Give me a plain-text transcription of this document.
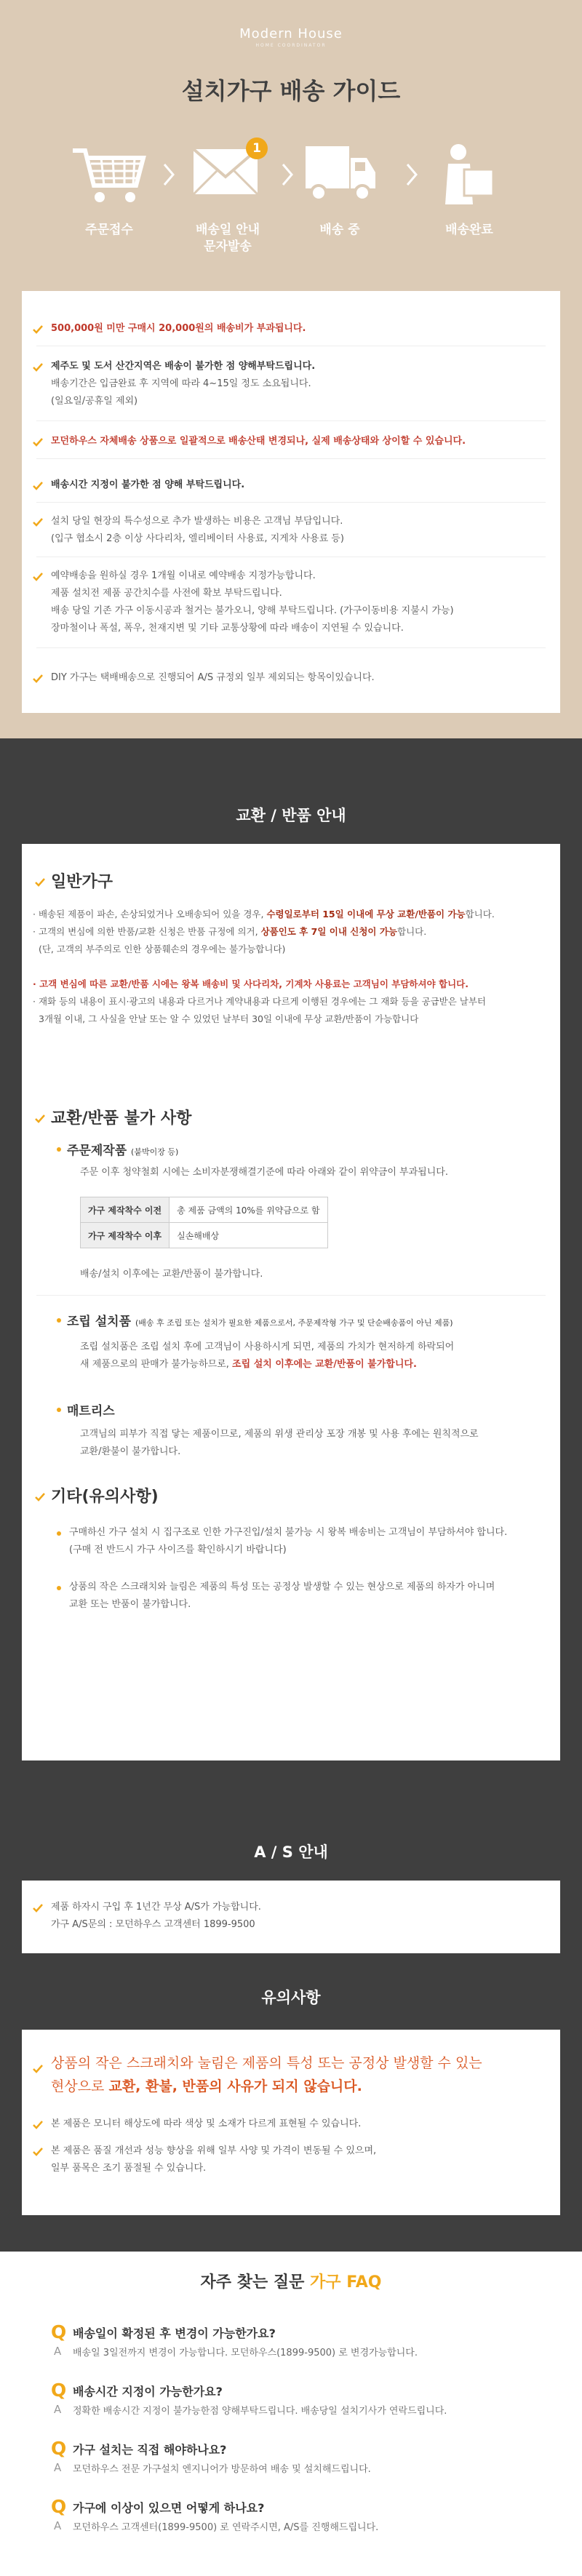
Modern House
HOME COORDINATOR
설치가구 배송 가이드
주문접수
1
배송일 안내
문자발송
배송 중	배송완료
500,000원 미만 구매시 20,000원의 배송비가 부과됩니다.
제주도 및 도서 산간지역은 배송이 불가한 점 양해부탁드립니다.
배송기간은 입금완료 후 지역에 따라 4~15일 정도 소요됩니다.
(일요일/공휴일 제외)
모던하우스 자체배송 상품으로 일괄적으로 배송산태 변경되나, 실제 배송상태와 상이할 수 있습니다.
배송시간 지정이 불가한 점 양해 부탁드립니다.
설치 당일 현장의 특수성으로 추가 발생하는 비용은 고객님 부담입니다.
(입구 협소시 2층 이상 사다리차, 엘리베이터 사용료, 지게차 사용료 등)
예약배송을 원하실 경우 1개월 이내로 예약배송 지정가능합니다.
제품 설치전 제품 공간치수를 사전에 확보 부탁드립니다.
배송 당일 기존 가구 이동시공과 철거는 불가오니, 양해 부탁드립니다. (가구이동비용 지불시 가능)
장마철이나 폭설, 폭우, 천재지변 및 기타 교통상황에 따라 배송이 지연될 수 있습니다.
DIY 가구는 택배배송으로 진행되어 A/S 규정외 일부 제외되는 항목이있습니다.
교환 / 반품 안내
일반가구
· 배송된 제품이 파손, 손상되었거나 오배송되어 있을 경우, 수령일로부터 15일 이내에 무상 교환/반품이 가능합니다.
· 고객의 변심에 의한 반품/교환 신청은 반품 규정에 의거, 상품인도 후 7일 이내 신청이 가능합니다.
(단, 고객의 부주의로 인한 상품훼손의 경우에는 불가능합니다)
· 고객 변심에 따른 교환/반품 시에는 왕복 배송비 및 사다리차, 기계차 사용료는 고객님이 부담하셔야 합니다.
· 재화 등의 내용이 표시·광고의 내용과 다르거나 계약내용과 다르게 이행된 경우에는 그 재화 등을 공급받은 날부터
3개월 이내, 그 사실을 안날 또는 알 수 있었던 날부터 30일 이내에 무상 교환/반품이 가능합니다
교환/반품 불가 사항
주문제작품 (붙박이장 등)
주문 이후 청약철회 시에는 소비자분쟁해결기준에 따라 아래와 같이 위약금이 부과됩니다.
가구 제작착수 이전	총 제품 금액의 10%를 위약금으로 함
가구 제작착수 이후	실손해배상
배송/설치 이후에는 교환/반품이 불가합니다.
조립 설치품 (배송 후 조립 또는 설치가 필요한 제품으로서, 주문제작형 가구 및 단순배송품이 아닌 제품)
조립 설치품은 조립 설치 후에 고객님이 사용하시게 되면, 제품의 가치가 현저하게 하락되어
새 제품으로의 판매가 불가능하므로, 조립 설치 이후에는 교환/반품이 불가합니다.
매트리스
고객님의 피부가 직접 닿는 제품이므로, 제품의 위생 관리상 포장 개봉 및 사용 후에는 원칙적으로
교환/환불이 불가합니다.
기타(유의사항)
구매하신 가구 설치 시 집구조로 인한 가구진입/설치 불가능 시 왕복 배송비는 고객님이 부담하셔야 합니다.
(구매 전 반드시 가구 사이즈를 확인하시기 바랍니다)
상품의 작은 스크래치와 늘림은 제품의 특성 또는 공정상 발생할 수 있는 현상으로 제품의 하자가 아니며
교환 또는 반품이 불가합니다.
A / S 안내
제품 하자시 구입 후 1년간 무상 A/S가 가능합니다.
가구 A/S문의 : 모던하우스 고객센터 1899-9500
유의사항
상품의 작은 스크래치와 눌림은 제품의 특성 또는 공정상 발생할 수 있는
현상으로 교환, 환불, 반품의 사유가 되지 않습니다.
본 제품은 모니터 해상도에 따라 색상 및 소재가 다르게 표현될 수 있습니다.
본 제품은 품질 개선과 성능 향상을 위해 일부 사양 및 가격이 변동될 수 있으며,
일부 품목은 조기 품절될 수 있습니다.
자주 찾는 질문 가구 FAQ
Q 배송일이 확정된 후 변경이 가능한가요?
A 배송일 3일전까지 변경이 가능합니다. 모던하우스(1899-9500) 로 변경가능합니다.
Q 배송시간 지정이 가능한가요?
A 정확한 배송시간 지정이 불가능한점 양해부탁드립니다. 배송당일 설치기사가 연락드립니다.
Q 가구 설치는 직접 해야하나요?
A 모던하우스 전문 가구설치 엔지니어가 방문하여 배송 및 설치해드립니다.
Q 가구에 이상이 있으면 어떻게 하나요?
A 모던하우스 고객센터(1899-9500) 로 연락주시면, A/S를 진행해드립니다.
